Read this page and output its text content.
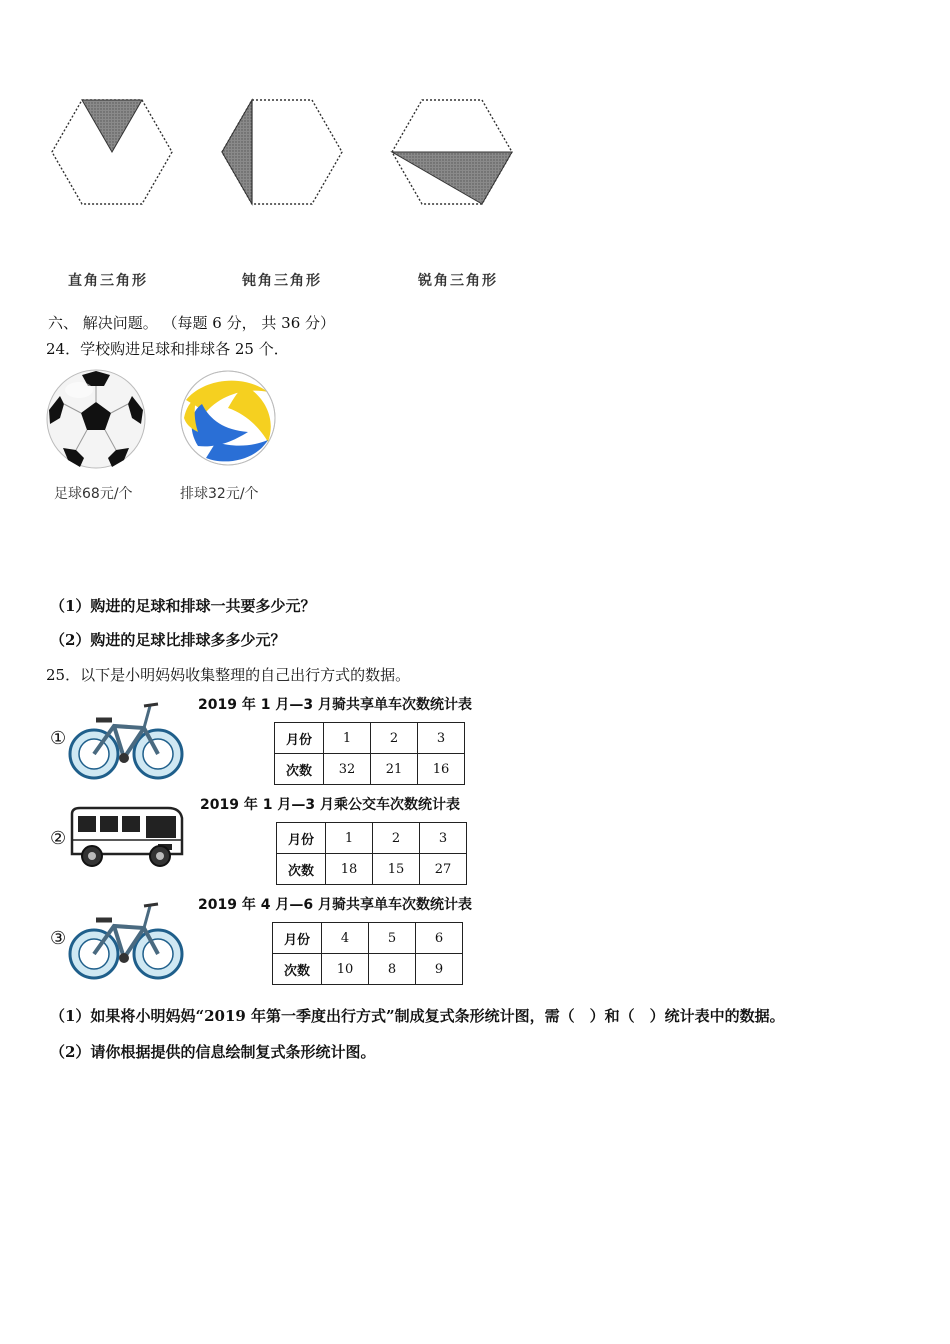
直角三角形	钝角三角形	锐角三角形
六、 解决问题。 （每题 6 分， 共 36 分）
24．学校购进足球和排球各 25 个．
足球68元/个	排球32元/个
（1）购进的足球和排球一共要多少元？
（2）购进的足球比排球多多少元？
25．以下是小明妈妈收集整理的自己出行方式的数据。
①
2019 年 1 月—3 月骑共享单车次数统计表
月份	1	2	3
次数	32	21	16
②
2019 年 1 月—3 月乘公交车次数统计表
月份	1	2	3
次数	18	15	27
③
2019 年 4 月—6 月骑共享单车次数统计表
月份	4	5	6
次数	10	8	9
（1）如果将小明妈妈“2019 年第一季度出行方式”制成复式条形统计图，需（　）和（　）统计表中的数据。
（2）请你根据提供的信息绘制复式条形统计图。
